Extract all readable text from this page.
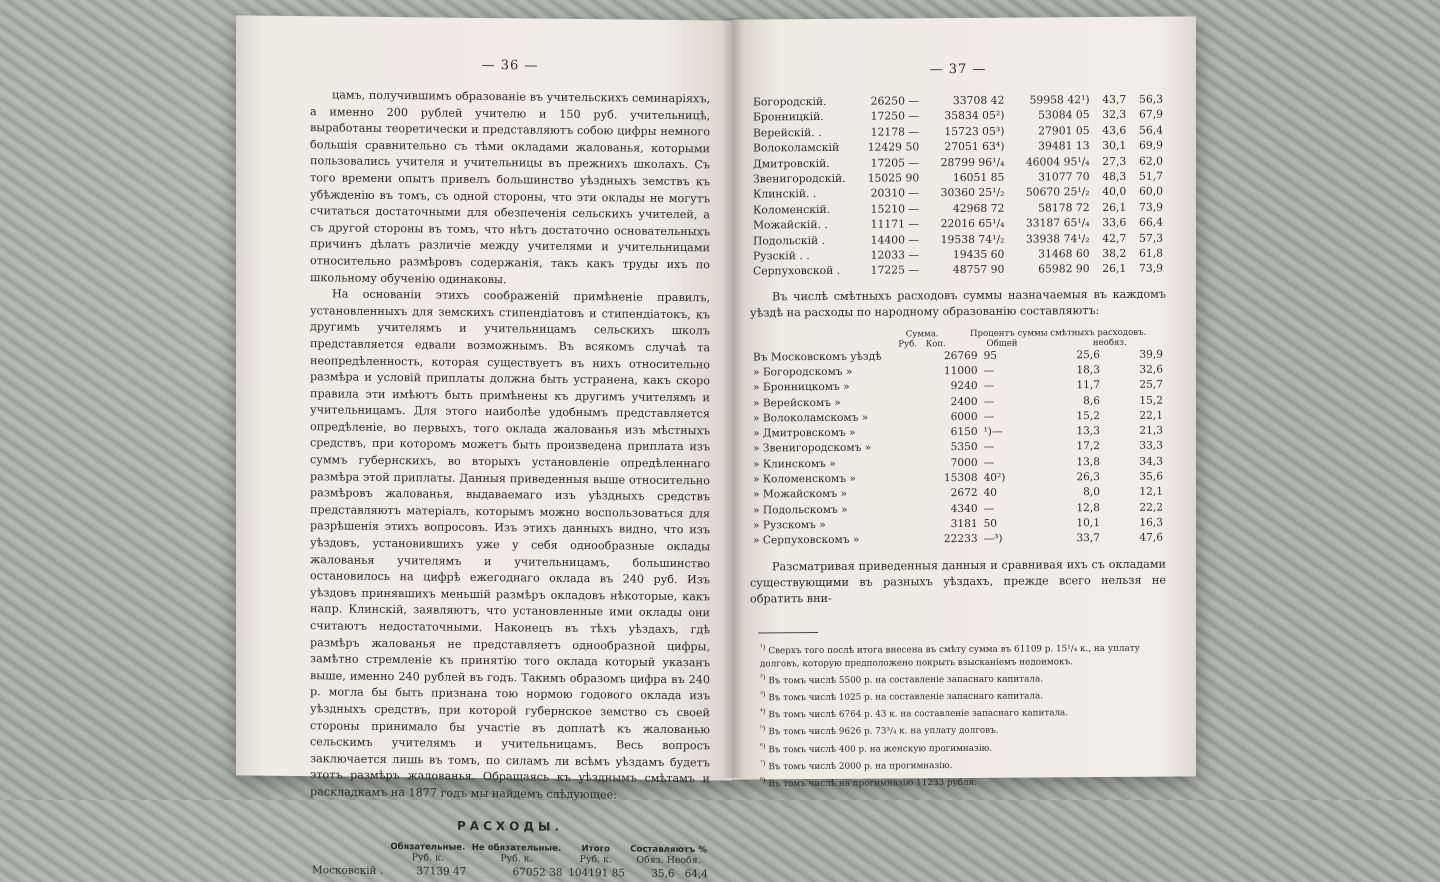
— 36 —

цамъ, получившимъ образованіе въ учительскихъ семинаріяхъ, а именно 200 рублей учителю и 150 руб. учительницѣ, выработаны теоретически и представляютъ собою цифры немного большія сравнительно съ тѣми окладами жалованья, которыми пользовались учителя и учительницы въ прежнихъ школахъ. Съ того времени опытъ привелъ большинство уѣздныхъ земствъ къ убѣжденію въ томъ, съ одной стороны, что эти оклады не могутъ считаться достаточными для обезпеченія сельскихъ учителей, а съ другой стороны въ томъ, что нѣтъ достаточно основательныхъ причинъ дѣлать различіе между учителями и учительницами относительно размѣровъ содержанія, такъ какъ труды ихъ по школьному обученію одинаковы.

На основаніи этихъ соображеній примѣненіе правилъ, установленныхъ для земскихъ стипендіатовъ и стипендіатокъ, къ другимъ учителямъ и учительницамъ сельскихъ школъ представляется едвали возможнымъ. Въ всякомъ случаѣ та неопредѣленность, которая существуетъ въ нихъ относительно размѣра и условій приплаты должна быть устранена, какъ скоро правила эти имѣютъ быть примѣнены къ другимъ учителямъ и учительницамъ. Для этого наиболѣе удобнымъ представляется опредѣленіе, во первыхъ, того оклада жалованья изъ мѣстныхъ средствъ, при которомъ можетъ быть произведена приплата изъ суммъ губернскихъ, во вторыхъ установленіе опредѣленнаго размѣра этой приплаты. Данныя приведенныя выше относительно размѣровъ жалованья, выдаваемаго изъ уѣздныхъ средствъ представляютъ матеріалъ, которымъ можно воспользоваться для разрѣшенія этихъ вопросовъ. Изъ этихъ данныхъ видно, что изъ уѣздовъ, установившихъ уже у себя однообразные оклады жалованья учителямъ и учительницамъ, большинство остановилось на цифрѣ ежегоднаго оклада въ 240 руб. Изъ уѣздовъ принявшихъ меньшій размѣръ окладовъ нѣкоторые, какъ напр. Клинскій, заявляютъ, что установленные ими оклады они считаютъ недостаточными. Наконецъ въ тѣхъ уѣздахъ, гдѣ размѣръ жалованья не представляетъ однообразной цифры, замѣтно стремленіе къ принятію того оклада который указанъ выше, именно 240 рублей въ годъ. Такимъ образомъ цифра въ 240 р. могла бы быть признана тою нормою годового оклада изъ уѣздныхъ средствъ, при которой губернское земство съ своей стороны принимало бы участіе въ доплатѣ къ жалованью сельскимъ учителямъ и учительницамъ. Весь вопросъ заключается лишь въ томъ, по силамъ ли всѣмъ уѣздамъ будетъ этотъ размѣръ жалованья. Обращаясь къ уѣзднымъ смѣтамъ и раскладкамъ на 1877 годъ мы найдемъ слѣдующее:

РАСХОДЫ.
	Обязательные.	Не обязательные.	Итого	Составляютъ %
	Руб. к.	Руб. к.	Руб. к.	Обяз. Необя.
Московскій .	37139 47	67052 38	104191 85	35,6 64,4
— 37 —
Богородскій.	26250 —	33708 42	59958 42¹)	43,7	56,3
Бронницкій.	17250 —	35834 05²)	53084 05	32,3	67,9
Верейскій. .	12178 —	15723 05³)	27901 05	43,6	56,4
Волоколамскій	12429 50	27051 63⁴)	39481 13	30,1	69,9
Дмитровскій.	17205 —	28799 96¹/₄	46004 95¹/₄	27,3	62,0
Звенигородскій.	15025 90	16051 85	31077 70	48,3	51,7
Клинскій. .	20310 —	30360 25¹/₂	50670 25¹/₂	40,0	60,0
Коломенскій.	15210 —	42968 72	58178 72	26,1	73,9
Можайскій. .	11171 —	22016 65¹/₄	33187 65¹/₄	33,6	66,4
Подольскій .	14400 —	19538 74¹/₂	33938 74¹/₂	42,7	57,3
Рузскій . .	12033 —	19435 60	31468 60	38,2	61,8
Серпуховской .	17225 —	48757 90	65982 90	26,1	73,9
Въ числѣ смѣтныхъ расходовъ суммы назначаемыя въ каждомъ уѣздѣ на расходы по народному образованію составляютъ:
	Сумма.		Процентъ суммы смѣтныхъ расходовъ.	
	Руб.	Коп.	Общей	необяз.
Въ Московскомъ уѣздѣ	26769	95	25,6	39,9
» Богородскомъ »	11000	—	18,3	32,6
» Бронницкомъ »	9240	—	11,7	25,7
» Верейскомъ »	2400	—	8,6	15,2
» Волоколамскомъ »	6000	—	15,2	22,1
» Дмитровскомъ »	6150	¹)—	13,3	21,3
» Звенигородскомъ »	5350	—	17,2	33,3
» Клинскомъ »	7000	—	13,8	34,3
» Коломенскомъ »	15308	40²)	26,3	35,6
» Можайскомъ »	2672	40	8,0	12,1
» Подольскомъ »	4340	—	12,8	22,2
» Рузскомъ »	3181	50	10,1	16,3
» Серпуховскомъ »	22233	—³)	33,7	47,6
Разсматривая приведенныя данныя и сравнивая ихъ съ окладами существующими въ разныхъ уѣздахъ, прежде всего нельзя не обратить вни-
$^{^1)}$ Сверхъ того послѣ итога внесена въ смѣту сумма въ 61109 р. 15¹/₄ к., на уплату долговъ, которую предположено покрыть взысканіемъ недоимокъ.
$^{^2)}$ Въ томъ числѣ 5500 р. на составленіе запаснаго капитала.
$^{^3)}$ Въ томъ числѣ 1025 р. на составленіе запаснаго капитала.
$^{^4)}$ Въ томъ числѣ 6764 р. 43 к. на составленіе запаснаго капитала.
$^{^5)}$ Въ томъ числѣ 9626 р. 73³/₄ к. на уплату долговъ.
$^{^6)}$ Въ томъ числѣ 400 р. на женскую прогимназію.
$^{^7)}$ Въ томъ числѣ 2000 р. на прогимназію.
$^{^8)}$ Въ томъ числѣ на прогимназію 11233 рубля.
